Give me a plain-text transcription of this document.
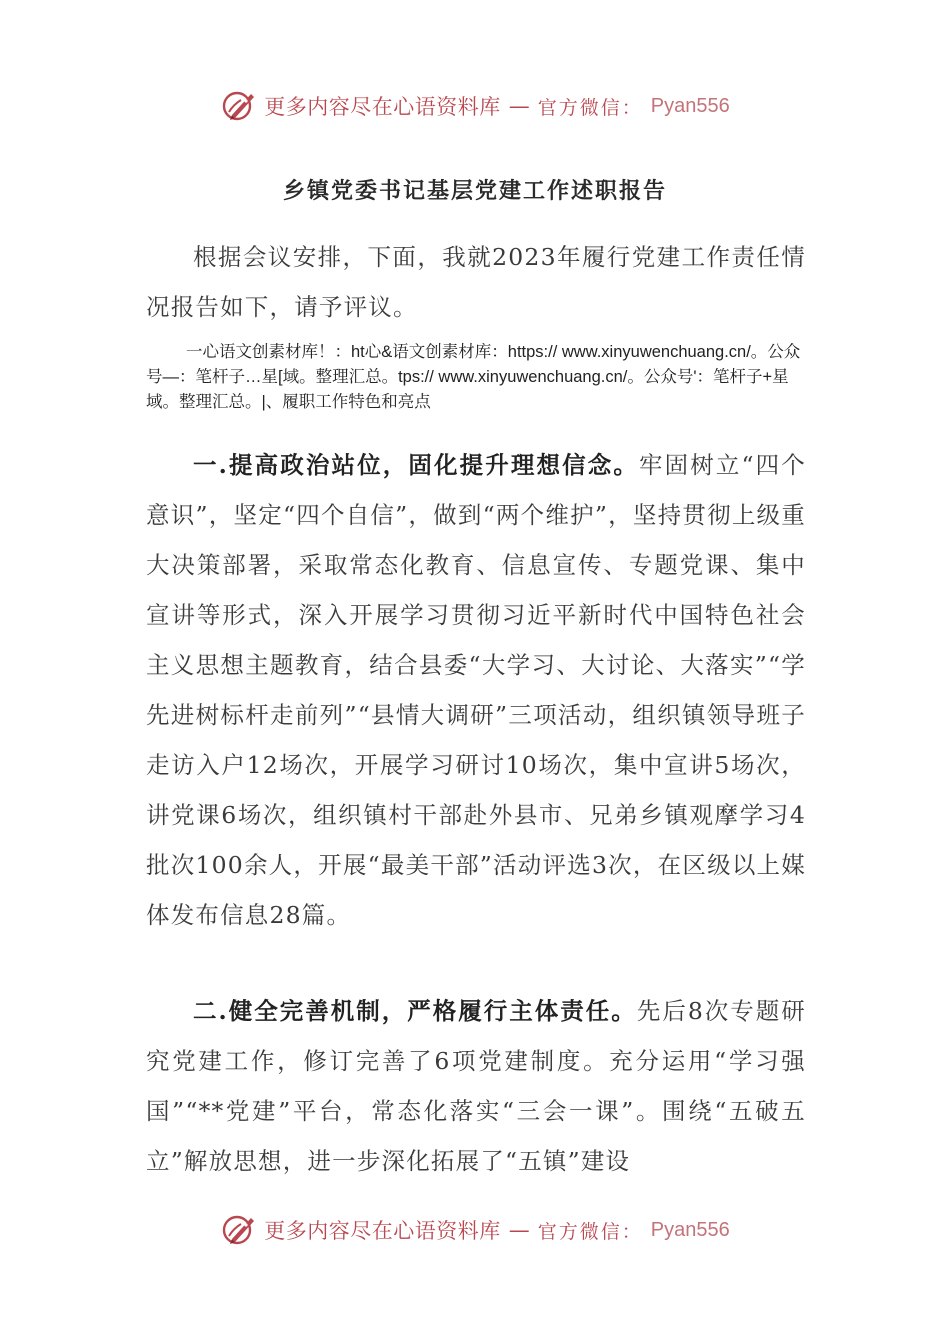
更多内容尽在心语资料库 — 官方微信： Pyan556
乡镇党委书记基层党建工作述职报告

根据会议安排，下面，我就2023年履行党建工作责任情况报告如下，请予评议。

一心语文创素材库！：ht心&语文创素材库：https:// www.xinyuwenchuang.cn/。公众号—：笔杆子…星[域。整理汇总。tps:// www.xinyuwenchuang.cn/。公众号'：笔杆子+星域。整理汇总。|、履职工作特色和亮点

一.提高政治站位，固化提升理想信念。牢固树立“四个意识”，坚定“四个自信”，做到“两个维护”，坚持贯彻上级重大决策部署，采取常态化教育、信息宣传、专题党课、集中宣讲等形式，深入开展学习贯彻习近平新时代中国特色社会主义思想主题教育，结合县委“大学习、大讨论、大落实”“学先进树标杆走前列”“县情大调研”三项活动，组织镇领导班子走访入户12场次，开展学习研讨10场次，集中宣讲5场次，讲党课6场次，组织镇村干部赴外县市、兄弟乡镇观摩学习4批次100余人，开展“最美干部”活动评选3次，在区级以上媒体发布信息28篇。

二.健全完善机制，严格履行主体责任。先后8次专题研究党建工作，修订完善了6项党建制度。充分运用“学习强国”“**党建”平台，常态化落实“三会一课”。围绕“五破五立”解放思想，进一步深化拓展了“五镇”建设

更多内容尽在心语资料库 — 官方微信： Pyan556
